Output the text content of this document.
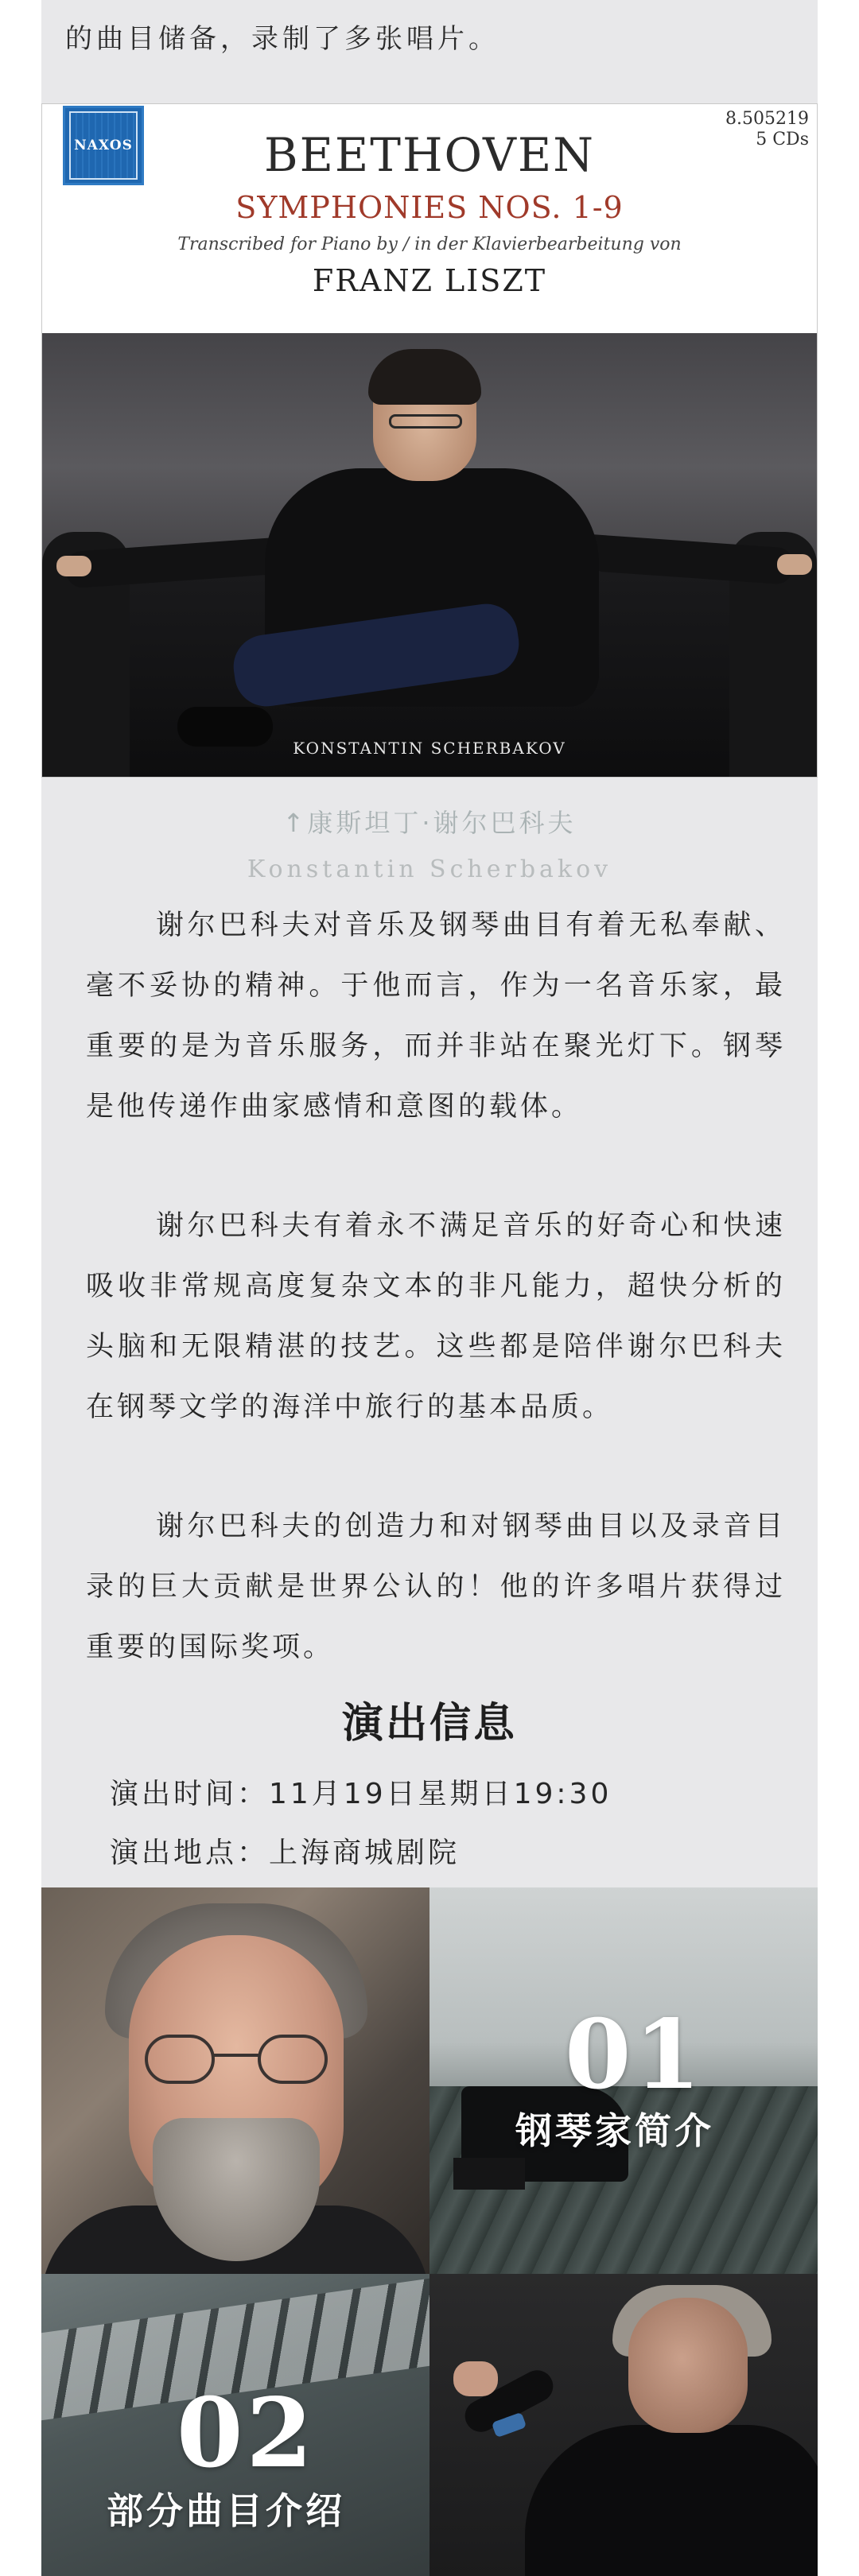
的曲目储备，录制了多张唱片。
NAXOS
8.505219
5 CDs
BEETHOVEN
SYMPHONIES NOS. 1-9
Transcribed for Piano by / in der Klavierbearbeitung von
FRANZ LISZT
KONSTANTIN SCHERBAKOV
↑康斯坦丁·谢尔巴科夫
Konstantin Scherbakov

谢尔巴科夫对音乐及钢琴曲目有着无私奉献、毫不妥协的精神。于他而言，作为一名音乐家，最重要的是为音乐服务，而并非站在聚光灯下。钢琴是他传递作曲家感情和意图的载体。

谢尔巴科夫有着永不满足音乐的好奇心和快速吸收非常规高度复杂文本的非凡能力，超快分析的头脑和无限精湛的技艺。这些都是陪伴谢尔巴科夫在钢琴文学的海洋中旅行的基本品质。

谢尔巴科夫的创造力和对钢琴曲目以及录音目录的巨大贡献是世界公认的！他的许多唱片获得过重要的国际奖项。

演出信息
演出时间：11月19日星期日19:30
演出地点：上海商城剧院
01
钢琴家简介
02
部分曲目介绍
